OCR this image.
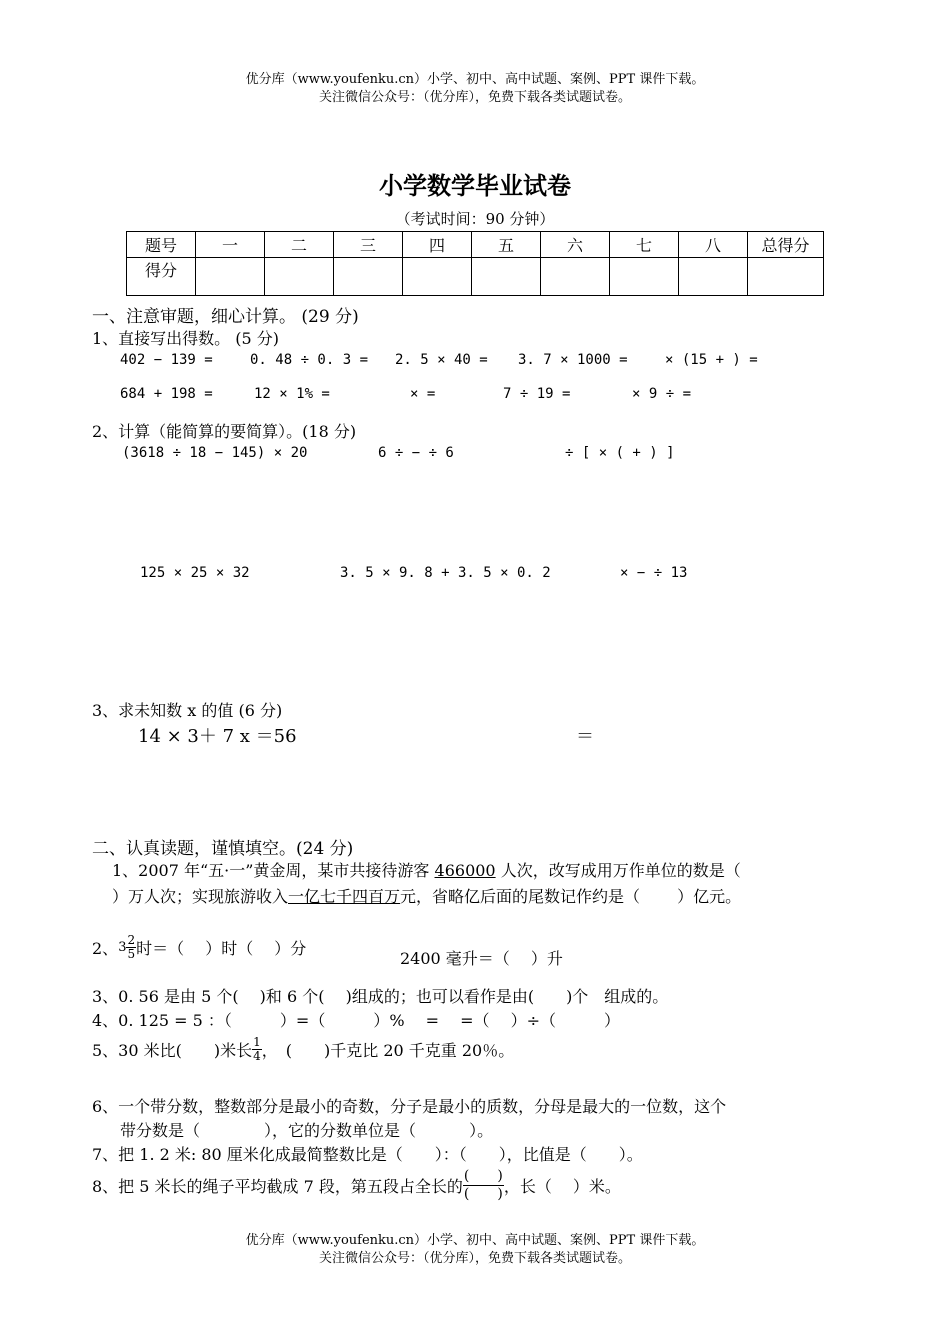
优分库（www.youfenku.cn）小学、初中、高中试题、案例、PPT 课件下载。
关注微信公众号：（优分库），免费下载各类试题试卷。
小学数学毕业试卷
（考试时间：90 分钟）
题号	一	二	三	四	五	六	七	八	总得分
得分									
一、注意审题，细心计算。 (29 分)
1、直接写出得数。 (5 分)
402 − 139 =	0. 48 ÷ 0. 3 = 2. 5 × 40 = 3. 7 × 1000 =	× (15 + ) =
684 + 198 =	12 × 1% =	× =	7 ÷ 19 =	× 9 ÷ =
2、计算（能简算的要简算）。(18 分)
(3618 ÷ 18 − 145) × 20	6 ÷ − ÷ 6	÷ [ × ( + ) ]
125 × 25 × 32	3. 5 × 9. 8 + 3. 5 × 0. 2	× − ÷ 13
3、求未知数 x 的值 (6 分)
14 × 3＋ 7 x ＝56	＝
二、认真读题，谨慎填空。(24 分)
1、2007 年“五·一”黄金周，某市共接待游客 466000 人次，改写成用万作单位的数是（
）万人次；实现旅游收入一亿七千四百万元，省略亿后面的尾数记作约是（　　 ）亿元。
2、 $3 \frac{2}{5}$ 时＝（　 ）时（　 ）分
2400 毫升＝（　 ）升
3、0. 56 是由 5 个(　 )和 6 个(　 )组成的；也可以看作是由(　　)个　组成的。
4、0. 125 = 5 ：（　　　）=（　　　）%　 =　 =（　 ）÷（　　　）
5、30 米比(　　)米长 $\frac{1}{4}$ ，　(　　)千克比 20 千克重 20％。
6、一个带分数，整数部分是最小的奇数，分子是最小的质数，分母是最大的一位数，这个
带分数是（　　　　），它的分数单位是（　　　 ）。
7、把 1. 2 米: 80 厘米化成最简整数比是（　　）：（　　），比值是（　　）。
8、把 5 米长的绳子平均截成 7 段，第五段占全长的 $\frac{( )}{( )}$ ，长（　 ）米。
优分库（www.youfenku.cn）小学、初中、高中试题、案例、PPT 课件下载。
关注微信公众号：（优分库），免费下载各类试题试卷。
